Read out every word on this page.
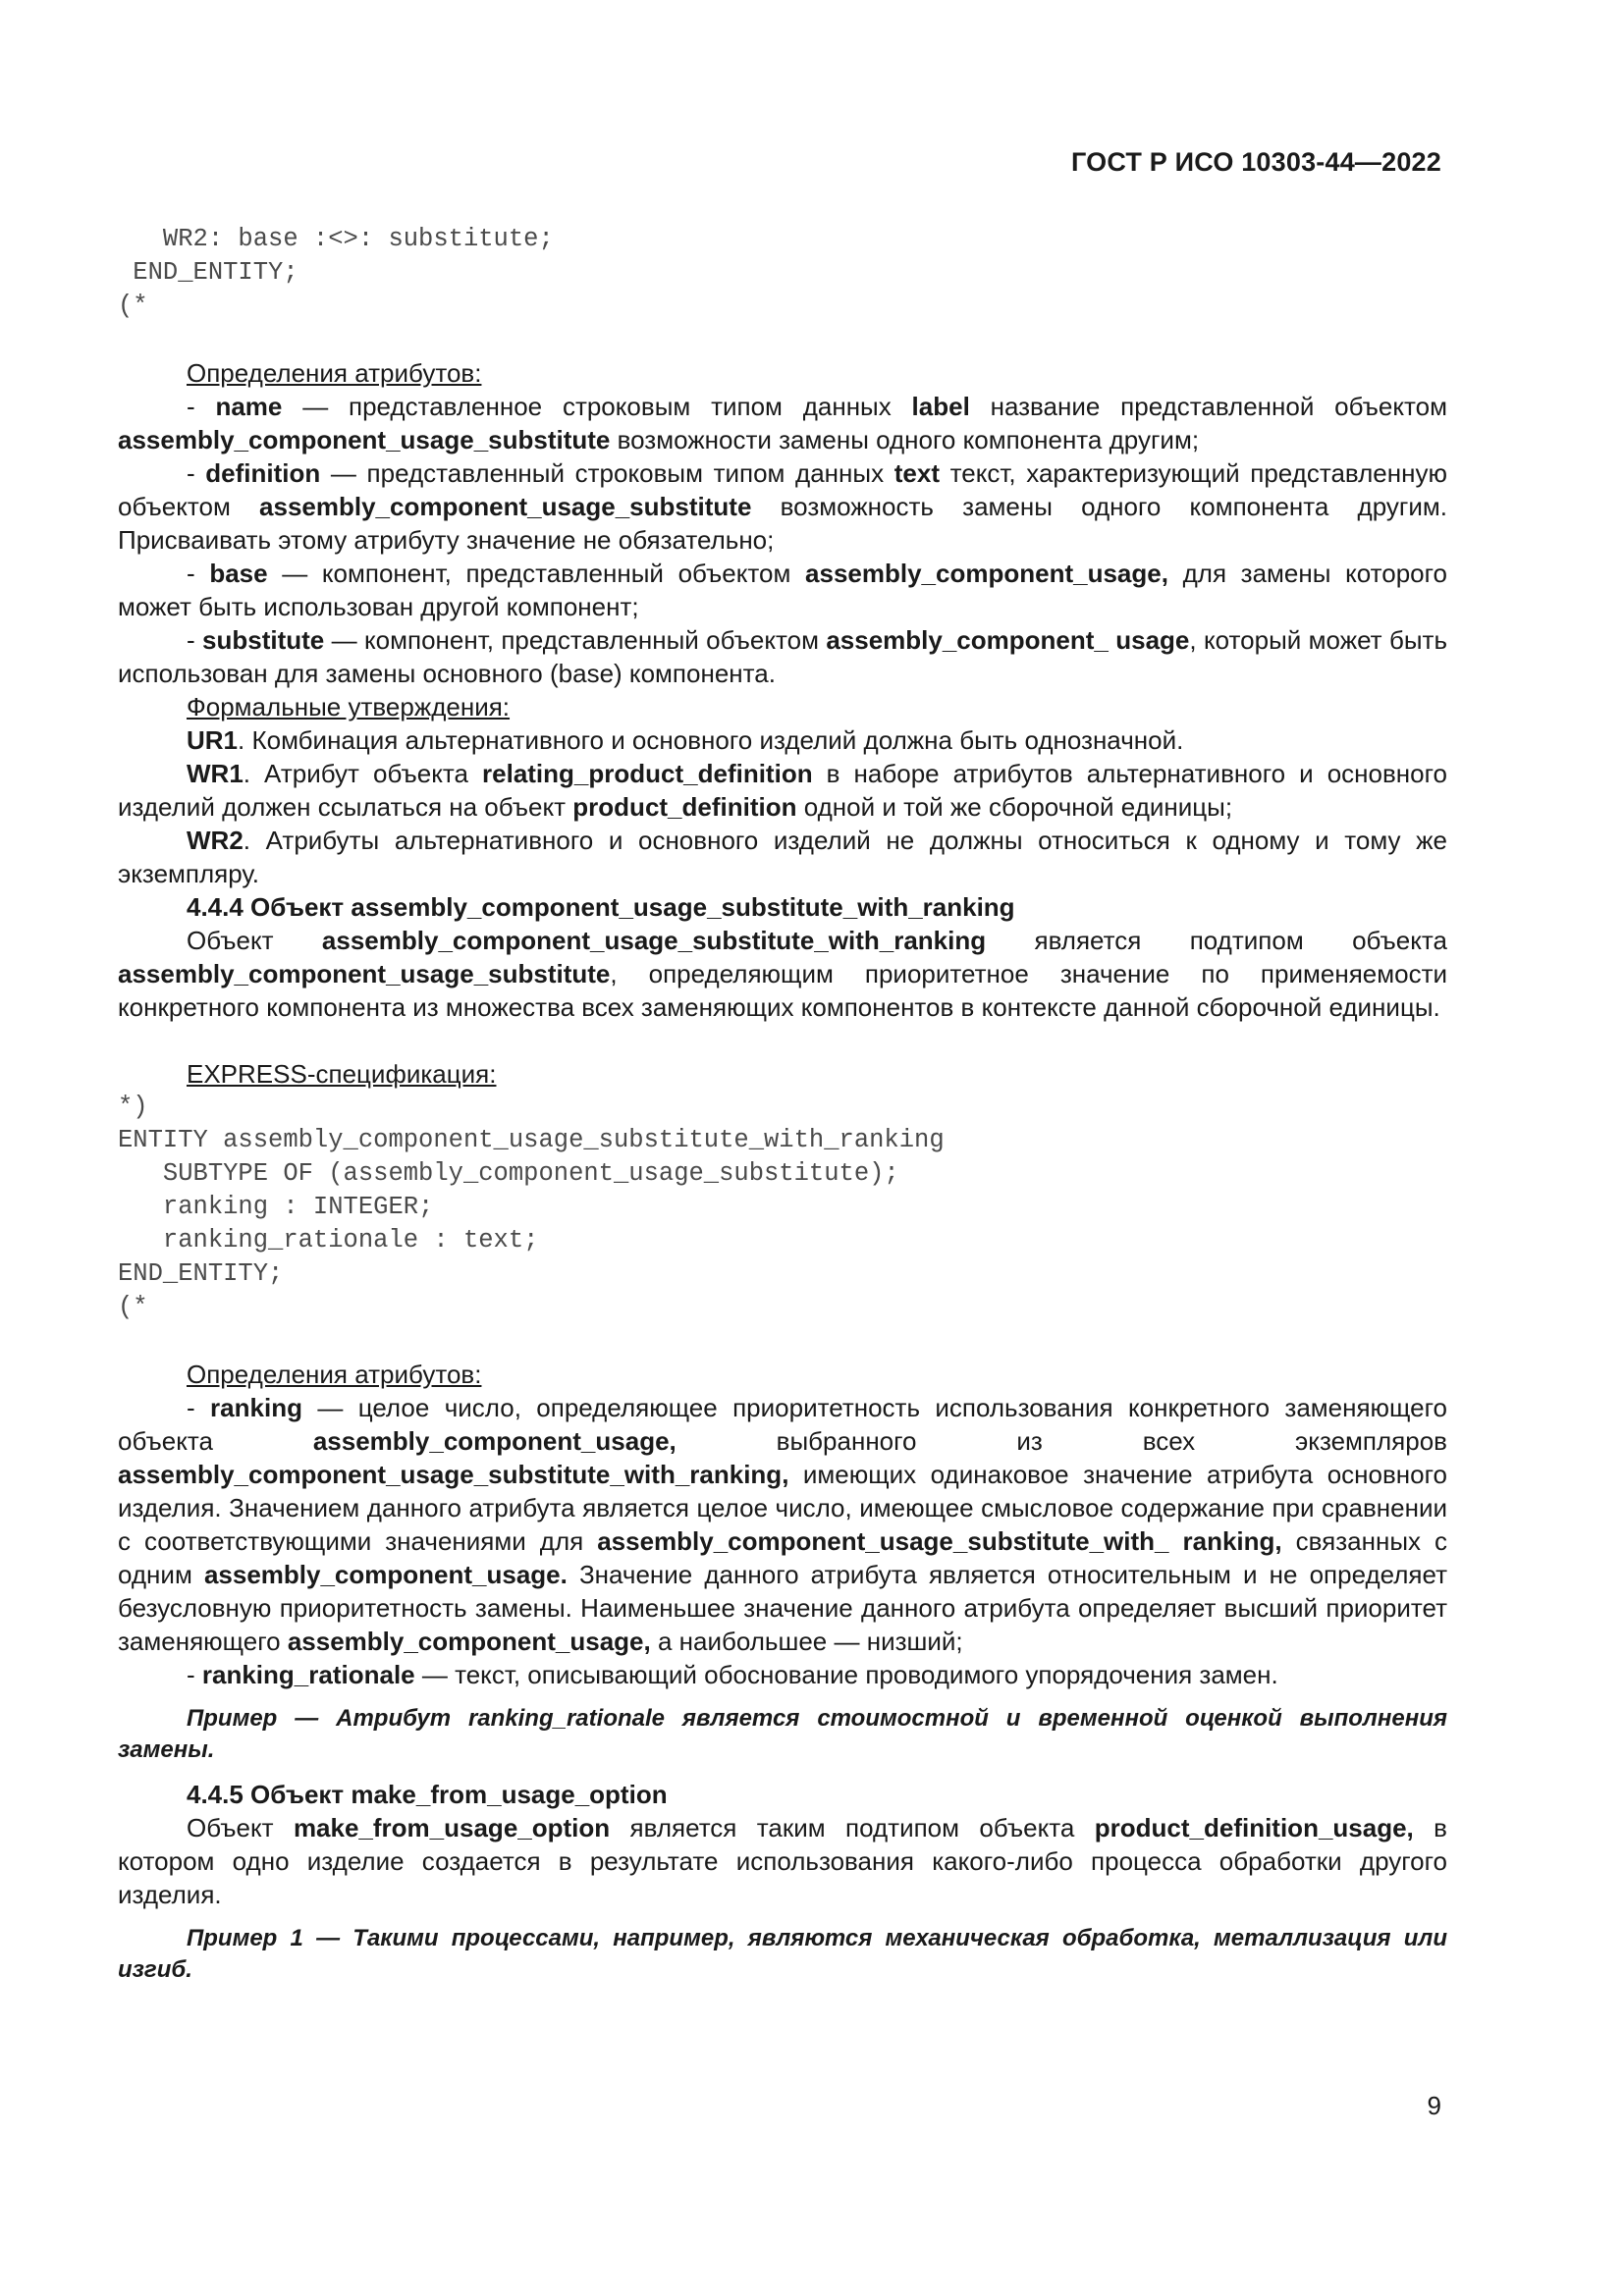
ГОСТ Р ИСО 10303-44—2022
WR2: base :<>: substitute;
END_ENTITY;
(*

Определения атрибутов:

- name — представленное строковым типом данных label название представленной объектом assembly_component_usage_substitute возможности замены одного компонента другим;

- definition — представленный строковым типом данных text текст, характеризующий представленную объектом assembly_component_usage_substitute возможность замены одного компонента другим. Присваивать этому атрибуту значение не обязательно;

- base — компонент, представленный объектом assembly_component_usage, для замены которого может быть использован другой компонент;

- substitute — компонент, представленный объектом assembly_component_ usage, который может быть использован для замены основного (base) компонента.

Формальные утверждения:

UR1. Комбинация альтернативного и основного изделий должна быть однозначной.

WR1. Атрибут объекта relating_product_definition в наборе атрибутов альтернативного и основного изделий должен ссылаться на объект product_definition одной и той же сборочной единицы;

WR2. Атрибуты альтернативного и основного изделий не должны относиться к одному и тому же экземпляру.

4.4.4 Объект assembly_component_usage_substitute_with_ranking

Объект assembly_component_usage_substitute_with_ranking является подтипом объекта assembly_component_usage_substitute, определяющим приоритетное значение по применяемости конкретного компонента из множества всех заменяющих компонентов в контексте данной сборочной единицы.

EXPRESS-спецификация:

*)
ENTITY assembly_component_usage_substitute_with_ranking
SUBTYPE OF (assembly_component_usage_substitute);
ranking : INTEGER;
ranking_rationale : text;
END_ENTITY;
(*

Определения атрибутов:

- ranking — целое число, определяющее приоритетность использования конкретного заменяющего объекта assembly_component_usage, выбранного из всех экземпляров assembly_component_usage_substitute_with_ranking, имеющих одинаковое значение атрибута основного изделия. Значением данного атрибута является целое число, имеющее смысловое содержание при сравнении с соответствующими значениями для assembly_component_usage_substitute_with_ ranking, связанных с одним assembly_component_usage. Значение данного атрибута является относительным и не определяет безусловную приоритетность замены. Наименьшее значение данного атрибута определяет высший приоритет заменяющего assembly_component_usage, а наибольшее — низший;

- ranking_rationale — текст, описывающий обоснование проводимого упорядочения замен.

Пример — Атрибут ranking_rationale является стоимостной и временной оценкой выполнения замены.

4.4.5 Объект make_from_usage_option

Объект make_from_usage_option является таким подтипом объекта product_definition_usage, в котором одно изделие создается в результате использования какого-либо процесса обработки другого изделия.

Пример 1 — Такими процессами, например, являются механическая обработка, металлизация или изгиб.

9
